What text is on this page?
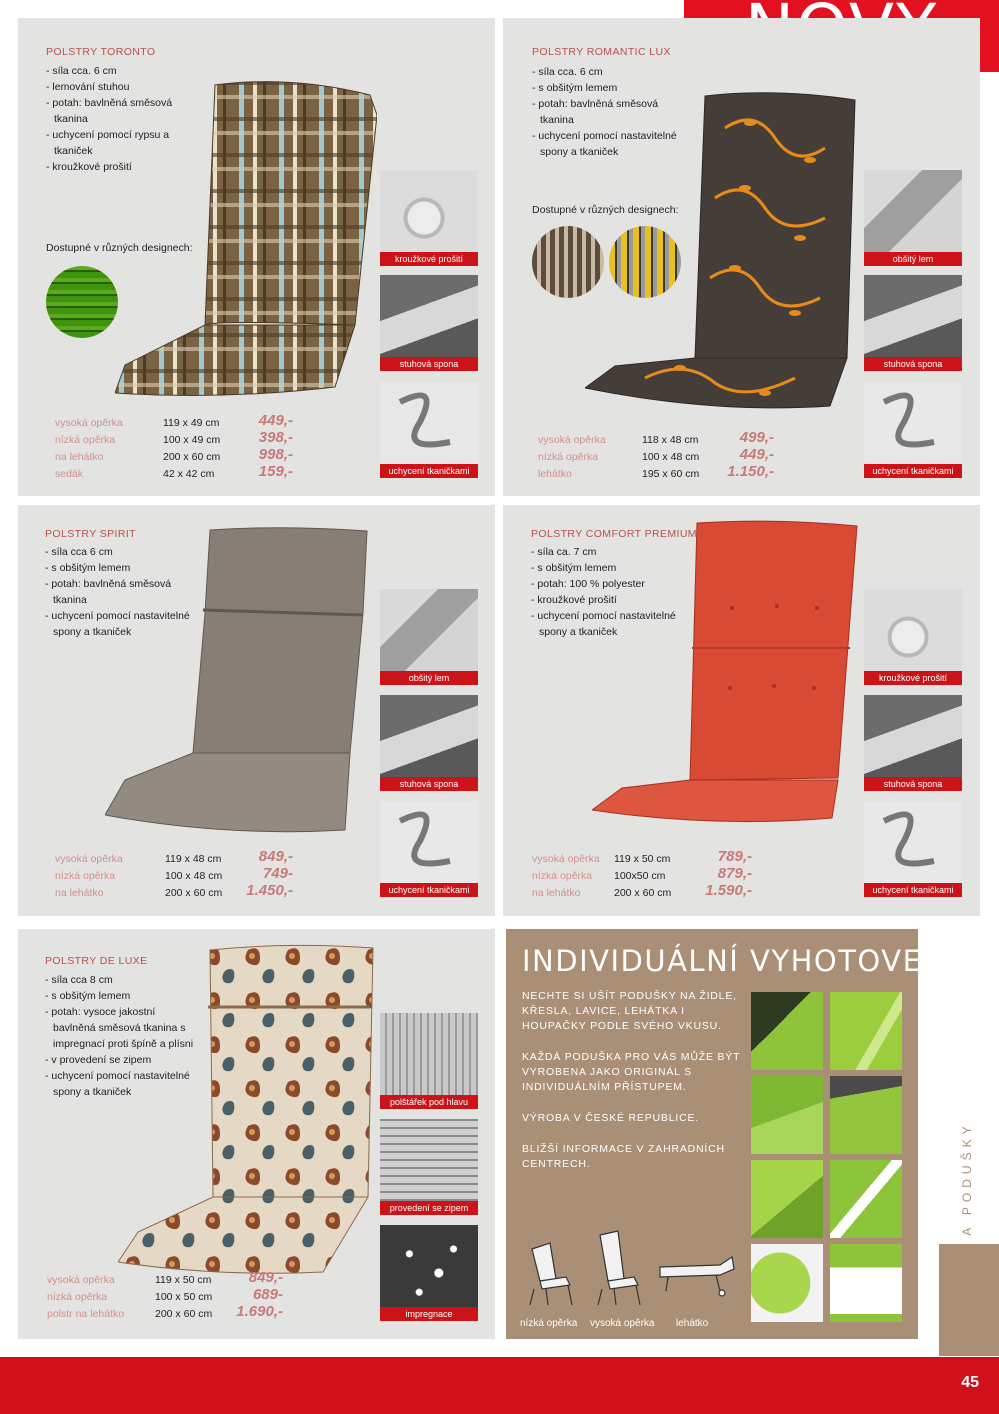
POLSTRY TORONTO
- síla cca. 6 cm
- lemování stuhou
- potah: bavlněná směsová tkanina
- uchycení pomocí rypsu a tkaniček
- kroužkové prošití
Dostupné v různých designech:
vysoká opěrka	119 x 49 cm	449,-
nízká opěrka	100 x 49 cm	398,-
na lehátko	200 x 60 cm	998,-
sedák	42 x 42 cm	159,-
kroužkové prošití
stuhová spona
uchycení tkaničkami
POLSTRY ROMANTIC LUX
- síla cca. 6 cm
- s obšitým lemem
- potah: bavlněná směsová tkanina
- uchycení pomocí nastavitelné spony a tkaniček
Dostupné v různých designech:
vysoká opěrka	118 x 48 cm	499,-
nízká opěrka	100 x 48 cm	449,-
lehátko	195 x 60 cm	1.150,-
obšitý lem
stuhová spona
uchycení tkaničkami
POLSTRY SPIRIT
- síla cca 6 cm
- s obšitým lemem
- potah: bavlněná směsová tkanina
- uchycení pomocí nastavitelné spony a tkaniček
vysoká opěrka	119 x 48 cm	849,-
nízká opěrka	100 x 48 cm	749-
na lehátko	200 x 60 cm	1.450,-
obšitý lem
stuhová spona
uchycení tkaničkami
POLSTRY COMFORT PREMIUM
- síla ca. 7 cm
- s obšitým lemem
- potah: 100 % polyester
- kroužkové prošití
- uchycení pomocí nastavitelné spony a tkaniček
vysoká opěrka 119 x 50 cm	789,-
nízká opěrka 100x50 cm	879,-
na lehátko	200 x 60 cm	1.590,-
kroužkové prošití
stuhová spona
uchycení tkaničkami
POLSTRY DE LUXE
- síla cca 8 cm
- s obšitým lemem
- potah: vysoce jakostní bavlněná směsová tkanina s impregnací proti špíně a plísni
- v provedení se zipem
- uchycení pomocí nastavitelné spony a tkaniček
vysoká opěrka	119 x 50 cm	849,-
nízká opěrka	100 x 50 cm	689-
polstr na lehátko	200 x 60 cm	1.690,-
polštářek pod hlavu
provedení se zipem
impregnace
INDIVIDUÁLNÍ VYHOTOVENÍ

NECHTE SI UŠÍT PODUŠKY NA ŽIDLE, KŘESLA, LAVICE, LEHÁTKA I HOUPAČKY PODLE SVÉHO VKUSU.

KAŽDÁ PODUŠKA PRO VÁS MŮŽE BÝT VYROBENA JAKO ORIGINÁL S INDIVIDUÁLNÍM PŘÍSTUPEM.

VÝROBA V ČESKÉ REPUBLICE.

BLIŽŠÍ INFORMACE V ZAHRADNÍCH CENTRECH.

nízká opěrka vysoká opěrka lehátko	POLSTRY A PODUŠKY
45
